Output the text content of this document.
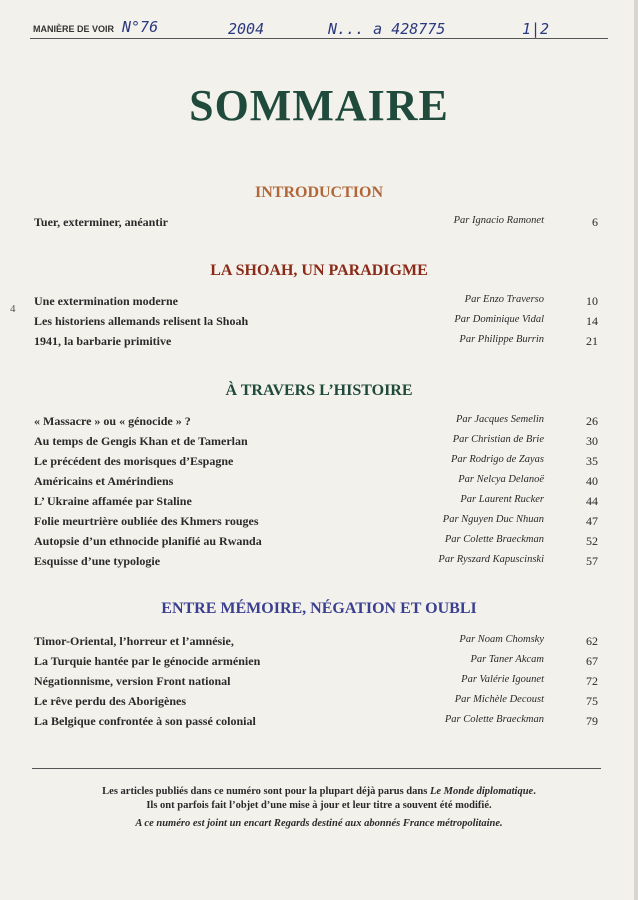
MANIÈRE DE VOIR N°76	2004	N... a 428775	1|2
SOMMAIRE
4
INTRODUCTION
Tuer, exterminer, anéantir	Par Ignacio Ramonet	6
LA SHOAH, UN PARADIGME
Une extermination moderne	Par Enzo Traverso	10
Les historiens allemands relisent la Shoah	Par Dominique Vidal	14
1941, la barbarie primitive	Par Philippe Burrin	21
À TRAVERS L’HISTOIRE
« Massacre » ou « génocide » ?	Par Jacques Semelin	26
Au temps de Gengis Khan et de Tamerlan	Par Christian de Brie	30
Le précédent des morisques d’Espagne	Par Rodrigo de Zayas	35
Américains et Amérindiens	Par Nelcya Delanoë	40
L’ Ukraine affamée par Staline	Par Laurent Rucker	44
Folie meurtrière oubliée des Khmers rouges	Par Nguyen Duc Nhuan	47
Autopsie d’un ethnocide planifié au Rwanda	Par Colette Braeckman	52
Esquisse d’une typologie	Par Ryszard Kapuscinski	57
ENTRE MÉMOIRE, NÉGATION ET OUBLI
Timor-Oriental, l’horreur et l’amnésie,	Par Noam Chomsky	62
La Turquie hantée par le génocide arménien	Par Taner Akcam	67
Négationnisme, version Front national	Par Valérie Igounet	72
Le rêve perdu des Aborigènes	Par Michèle Decoust	75
La Belgique confrontée à son passé colonial	Par Colette Braeckman	79
Les articles publiés dans ce numéro sont pour la plupart déjà parus dans Le Monde diplomatique.
Ils ont parfois fait l’objet d’une mise à jour et leur titre a souvent été modifié.
A ce numéro est joint un encart Regards destiné aux abonnés France métropolitaine.
